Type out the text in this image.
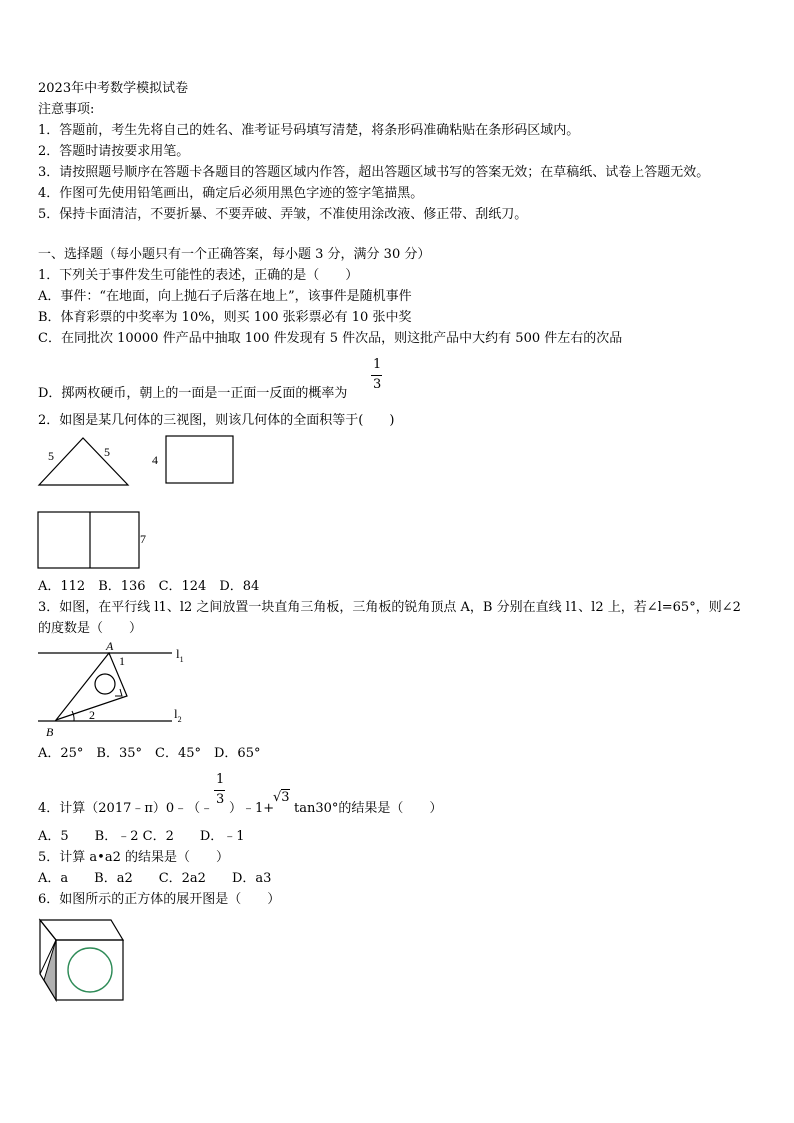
2023年中考数学模拟试卷
注意事项:
1．答题前，考生先将自己的姓名、准考证号码填写清楚，将条形码准确粘贴在条形码区域内。
2．答题时请按要求用笔。
3．请按照题号顺序在答题卡各题目的答题区域内作答，超出答题区域书写的答案无效；在草稿纸、试卷上答题无效。
4．作图可先使用铅笔画出，确定后必须用黑色字迹的签字笔描黑。
5．保持卡面清洁，不要折暴、不要弄破、弄皱，不准使用涂改液、修正带、刮纸刀。
一、选择题（每小题只有一个正确答案，每小题 3 分，满分 30 分）
1．下列关于事件发生可能性的表述，正确的是（　　）
A．事件：“在地面，向上抛石子后落在地上”，该事件是随机事件
B．体育彩票的中奖率为 10%，则买 100 张彩票必有 10 张中奖
C．在同批次 10000 件产品中抽取 100 件发现有 5 件次品，则这批产品中大约有 500 件左右的次品
D．掷两枚硬币，朝上的一面是一正面一反面的概率为
1
3
2．如图是某几何体的三视图，则该几何体的全面积等于(　　)
5	5
7
4
A．112　B．136　C．124　D．84
3．如图，在平行线 l1、l2 之间放置一块直角三角板，三角板的锐角顶点 A，B 分别在直线 l1、l2 上，若∠l=65°，则∠2
的度数是（　　）
A
1
2
B
$l_1$
$l_2$
A．25°　B．35°　C．45°　D．65°
4．计算（2017﹣π）0﹣（﹣
1
3
）﹣1+
√3
tan30°的结果是（　　）
A．5　　B．﹣2 C．2　　D．﹣1
5．计算 a•a2 的结果是（　　）
A．a　　B．a2　　C．2a2　　D．a3
6．如图所示的正方体的展开图是（　　）
